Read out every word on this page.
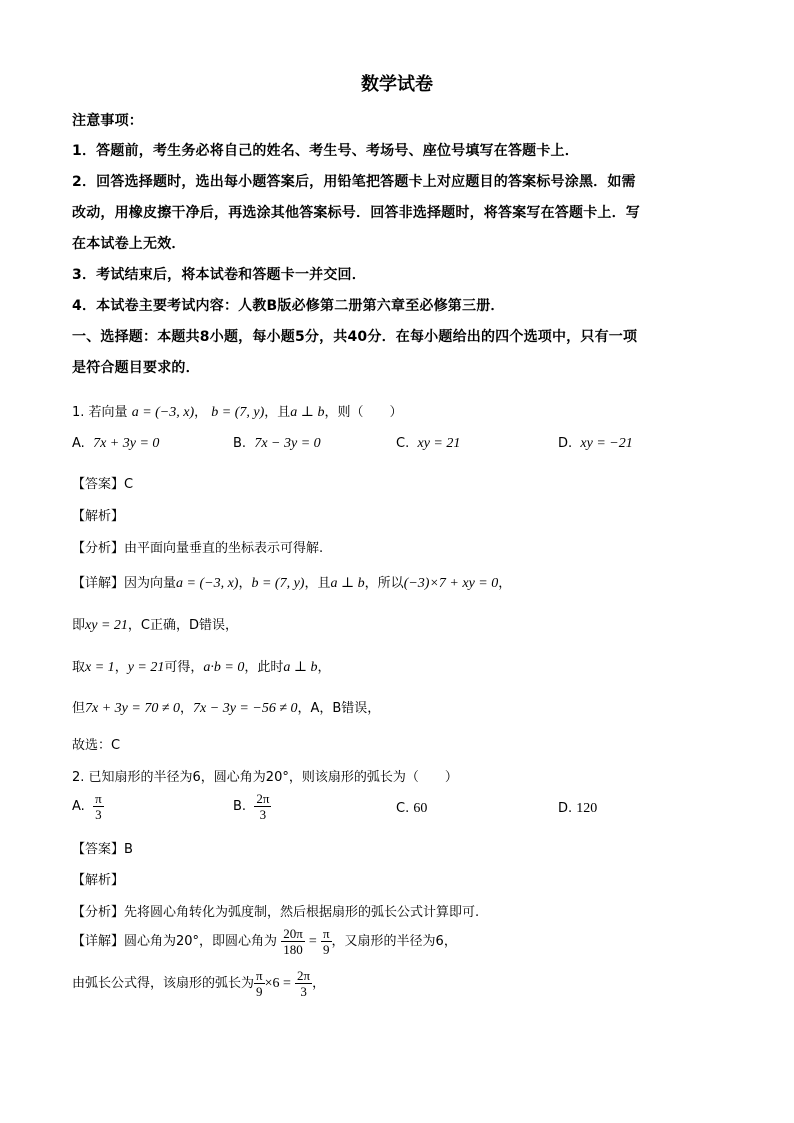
数学试卷
注意事项：
1．答题前，考生务必将自己的姓名、考生号、考场号、座位号填写在答题卡上．
2．回答选择题时，选出每小题答案后，用铅笔把答题卡上对应题目的答案标号涂黑．如需
改动，用橡皮擦干净后，再选涂其他答案标号．回答非选择题时，将答案写在答题卡上．写
在本试卷上无效．
3．考试结束后，将本试卷和答题卡一并交回．
4．本试卷主要考试内容：人教B版必修第二册第六章至必修第三册．
一、选择题：本题共8小题，每小题5分，共40分．在每小题给出的四个选项中，只有一项
是符合题目要求的．
1. 若向量 a = (−3, x)， b = (7, y)，且a ⊥ b，则（　　）
A. 7x + 3y = 0	B. 7x − 3y = 0	C. xy = 21	D. xy = −21
【答案】C
【解析】
【分析】由平面向量垂直的坐标表示可得解.
【详解】因为向量a = (−3, x)，b = (7, y)，且a ⊥ b，所以(−3)×7 + xy = 0，
即xy = 21，C正确，D错误，
取x = 1，y = 21可得，a·b = 0，此时a ⊥ b，
但7x + 3y = 70 ≠ 0，7x − 3y = −56 ≠ 0，A，B错误，
故选：C
2. 已知扇形的半径为6，圆心角为20°，则该扇形的弧长为（　　）
A. $\frac{\pi}{3}$	B. $\frac{2\pi}{3}$	C. 60	D. 120
【答案】B
【解析】
【分析】先将圆心角转化为弧度制，然后根据扇形的弧长公式计算即可.
【详解】圆心角为20°，即圆心角为 $\frac{20\pi}{180} = \frac{\pi}{9}$ ，又扇形的半径为6，
由弧长公式得，该扇形的弧长为 $\frac{\pi}{9} \times 6 = \frac{2\pi}{3}$ ，
